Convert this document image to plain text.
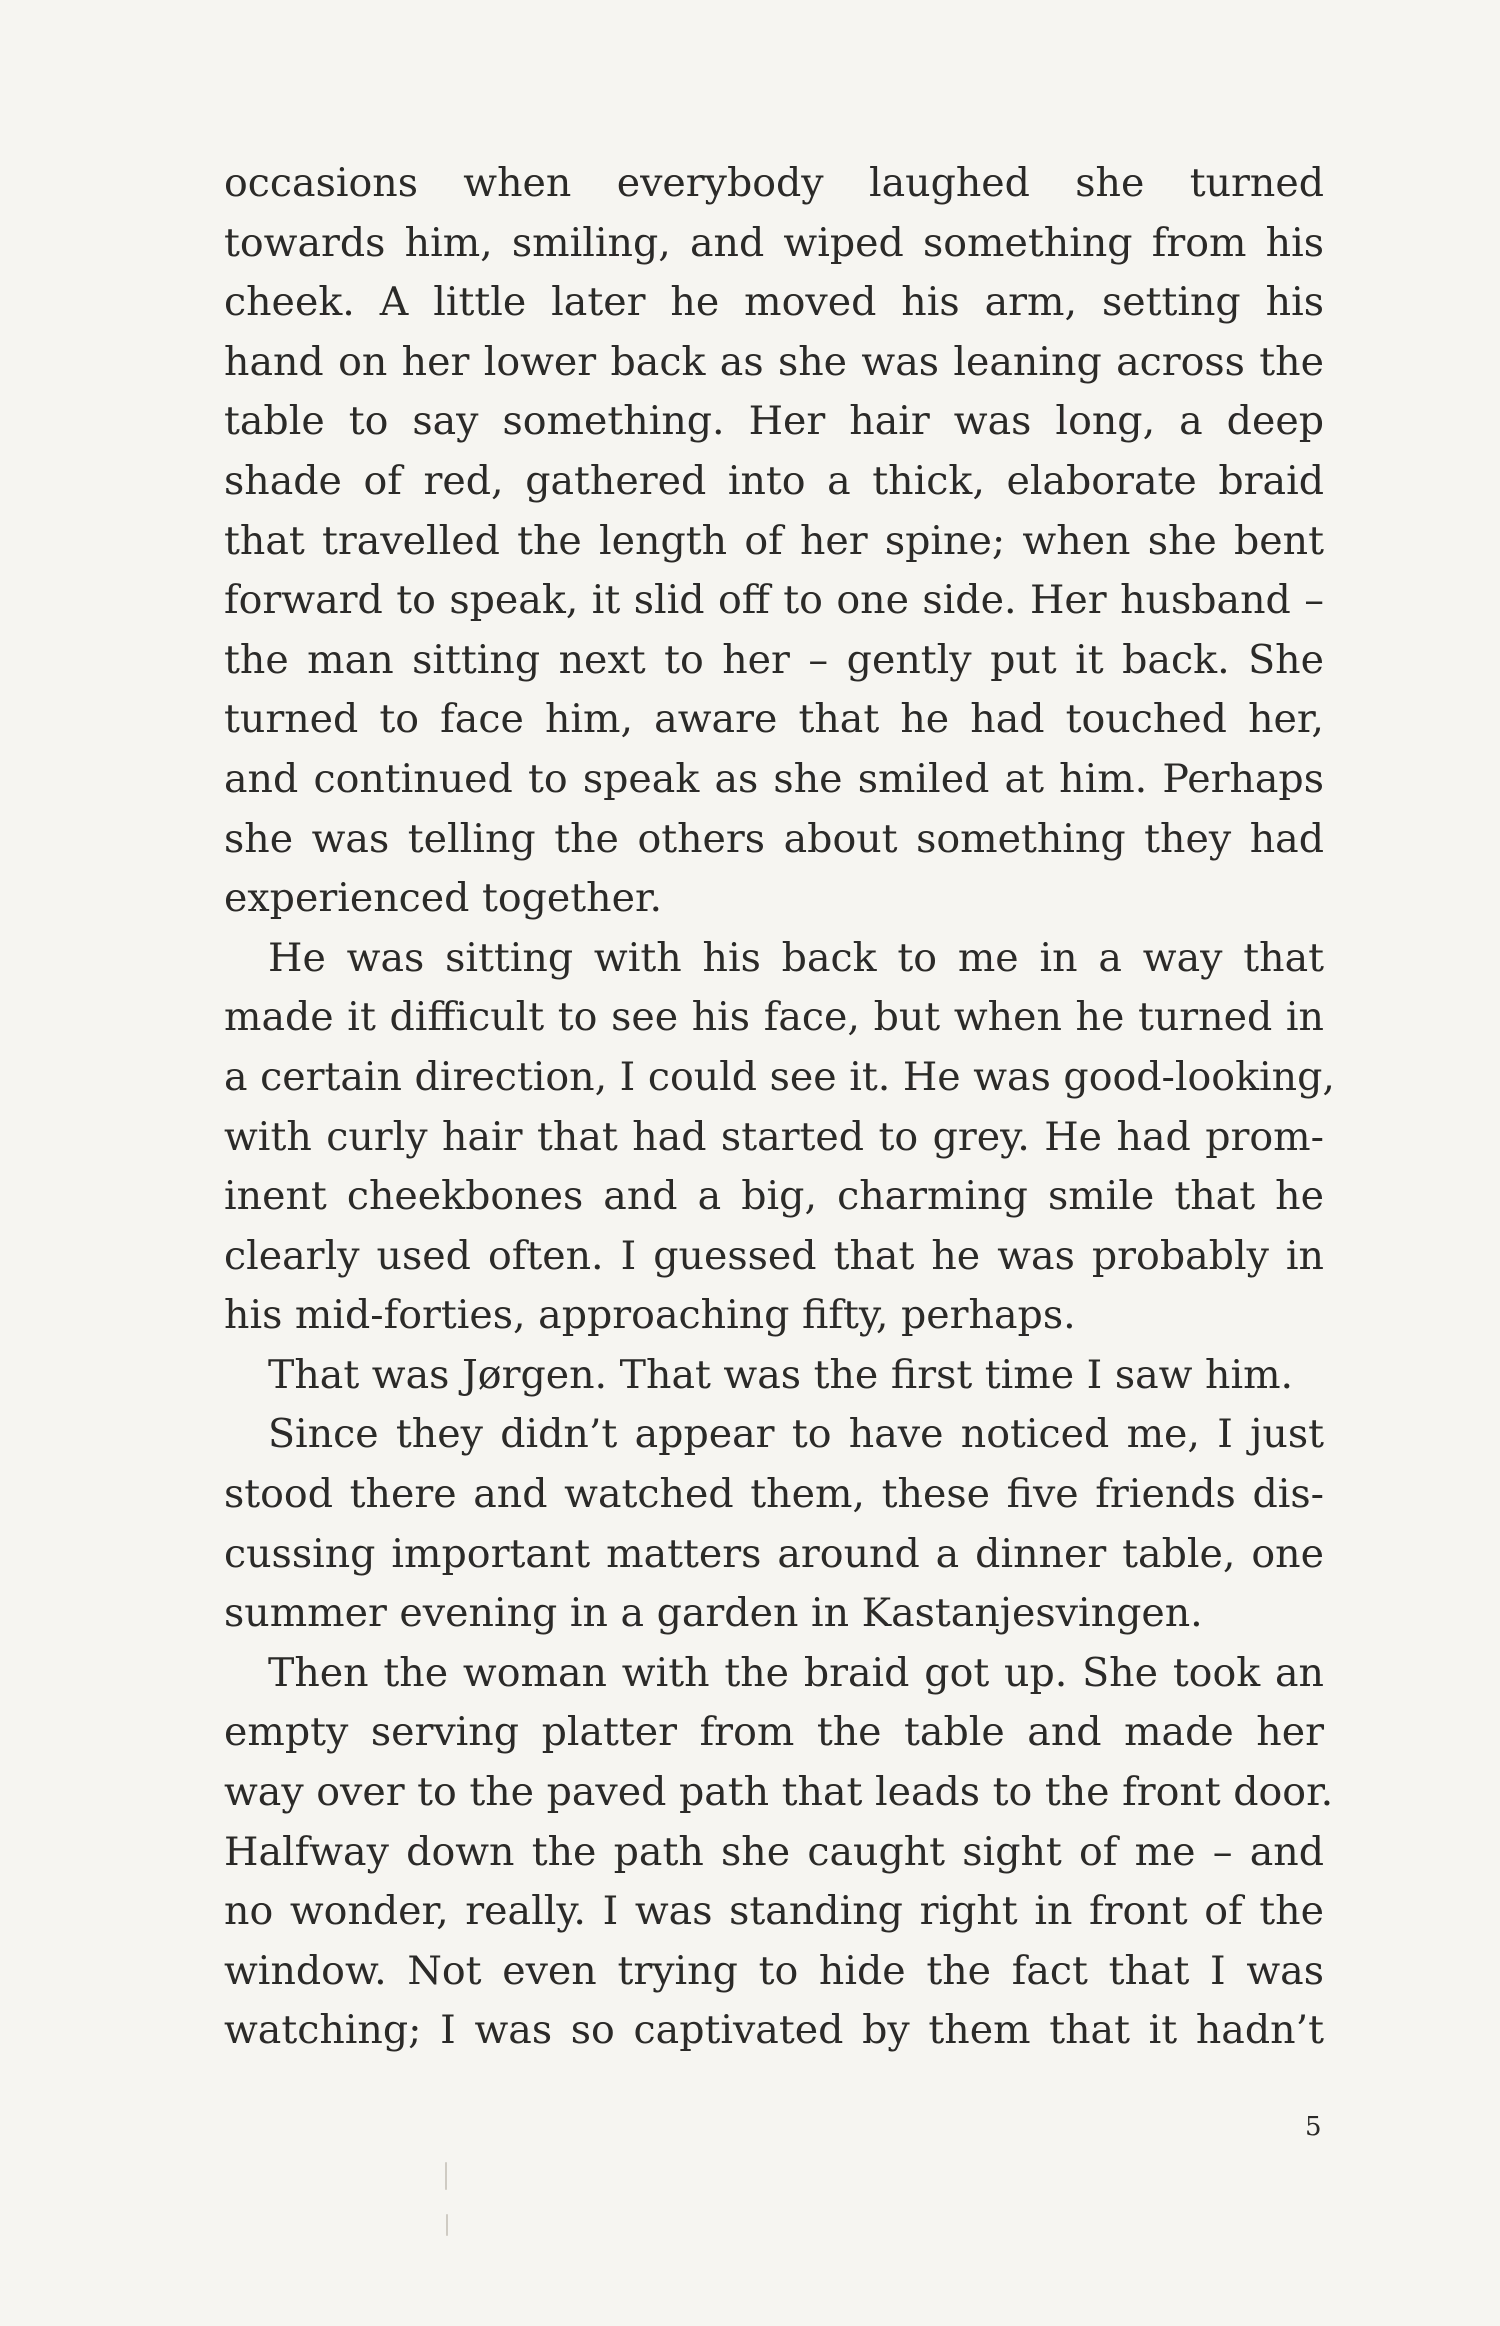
occasions when everybody laughed she turned
towards him, smiling, and wiped something from his
cheek. A little later he moved his arm, setting his
hand on her lower back as she was leaning across the
table to say something. Her hair was long, a deep
shade of red, gathered into a thick, elaborate braid
that travelled the length of her spine; when she bent
forward to speak, it slid off to one side. Her husband –
the man sitting next to her – gently put it back. She
turned to face him, aware that he had touched her,
and continued to speak as she smiled at him. Perhaps
she was telling the others about something they had
experienced together.
He was sitting with his back to me in a way that
made it difficult to see his face, but when he turned in
a certain direction, I could see it. He was good-looking,
with curly hair that had started to grey. He had prom-
inent cheekbones and a big, charming smile that he
clearly used often. I guessed that he was probably in
his mid-forties, approaching fifty, perhaps.
That was Jørgen. That was the first time I saw him.
Since they didn’t appear to have noticed me, I just
stood there and watched them, these five friends dis-
cussing important matters around a dinner table, one
summer evening in a garden in Kastanjesvingen.
Then the woman with the braid got up. She took an
empty serving platter from the table and made her
way over to the paved path that leads to the front door.
Halfway down the path she caught sight of me – and
no wonder, really. I was standing right in front of the
window. Not even trying to hide the fact that I was
watching; I was so captivated by them that it hadn’t
5
